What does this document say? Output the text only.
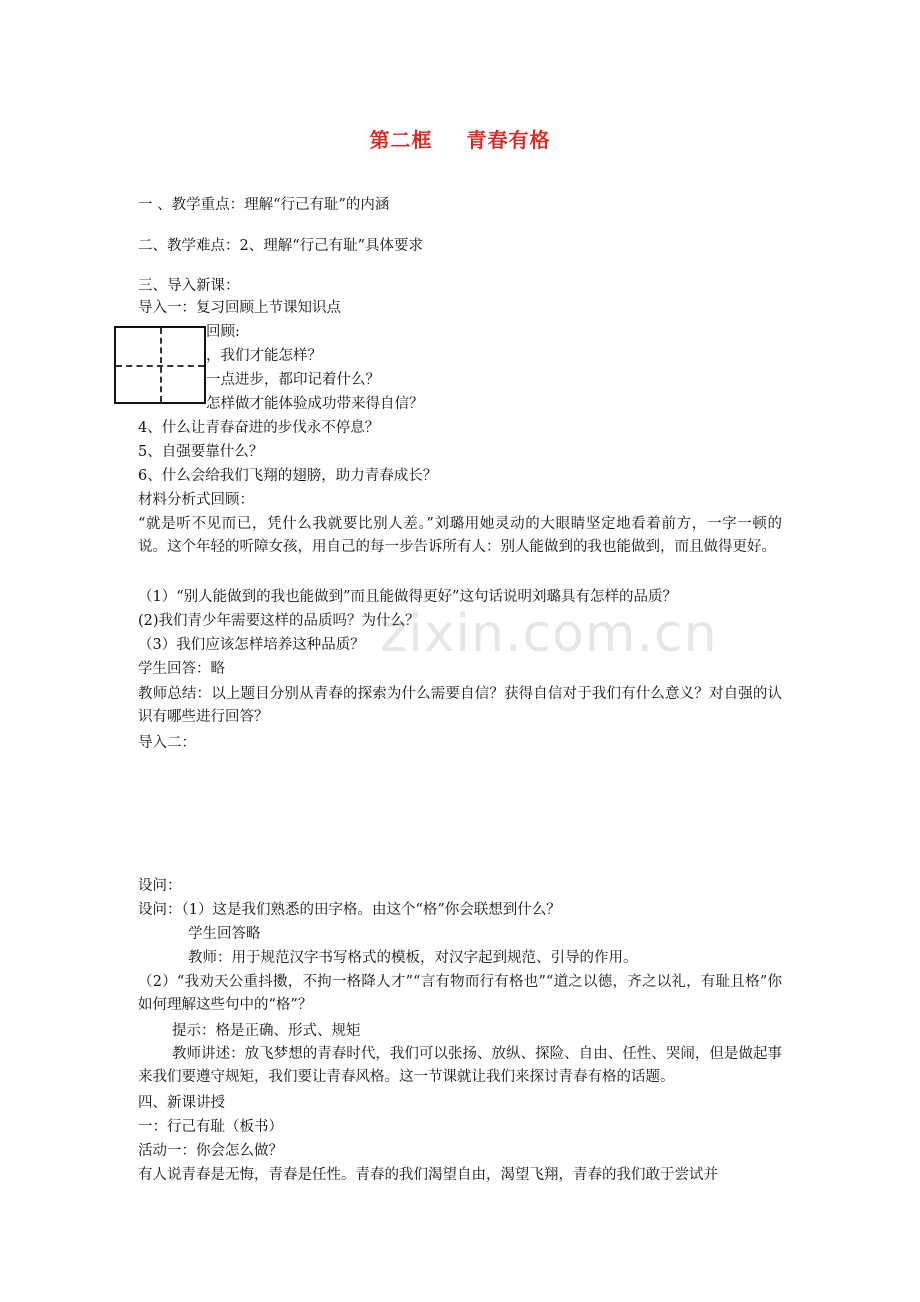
zixin.com.cn
第二框 青春有格
一 、教学重点：理解“行己有耻”的内涵
二、教学难点：2、理解“行己有耻”具体要求
三、导入新课：
导入一：复习回顾上节课知识点
回顾:
，我们才能怎样？
一点进步，都印记着什么？
怎样做才能体验成功带来得自信？
4、什么让青春奋进的步伐永不停息？
5、自强要靠什么？
6、什么会给我们飞翔的翅膀，助力青春成长？
材料分析式回顾：
“就是听不见而已，凭什么我就要比别人差。”刘璐用她灵动的大眼睛坚定地看着前方，一字一顿的说。这个年轻的听障女孩，用自己的每一步告诉所有人：别人能做到的我也能做到，而且做得更好。
（1）“别人能做到的我也能做到”而且能做得更好”这句话说明刘璐具有怎样的品质？
(2)我们青少年需要这样的品质吗？为什么？
（3）我们应该怎样培养这种品质？
学生回答：略
教师总结：以上题目分别从青春的探索为什么需要自信？获得自信对于我们有什么意义？对自强的认识有哪些进行回答？
导入二：
设问：
设问：（1）这是我们熟悉的田字格。由这个“格”你会联想到什么？
学生回答略
教师：用于规范汉字书写格式的模板，对汉字起到规范、引导的作用。
（2）“我劝天公重抖擞，不拘一格降人才”“言有物而行有格也”“道之以德，齐之以礼，有耻且格”你如何理解这些句中的“格”？
提示：格是正确、形式、规矩
教师讲述：放飞梦想的青春时代，我们可以张扬、放纵、探险、自由、任性、哭闹，但是做起事来我们要遵守规矩，我们要让青春风格。这一节课就让我们来探讨青春有格的话题。
四、新课讲授
一：行己有耻（板书）
活动一：你会怎么做？
有人说青春是无悔，青春是任性。青春的我们渴望自由，渴望飞翔，青春的我们敢于尝试并
